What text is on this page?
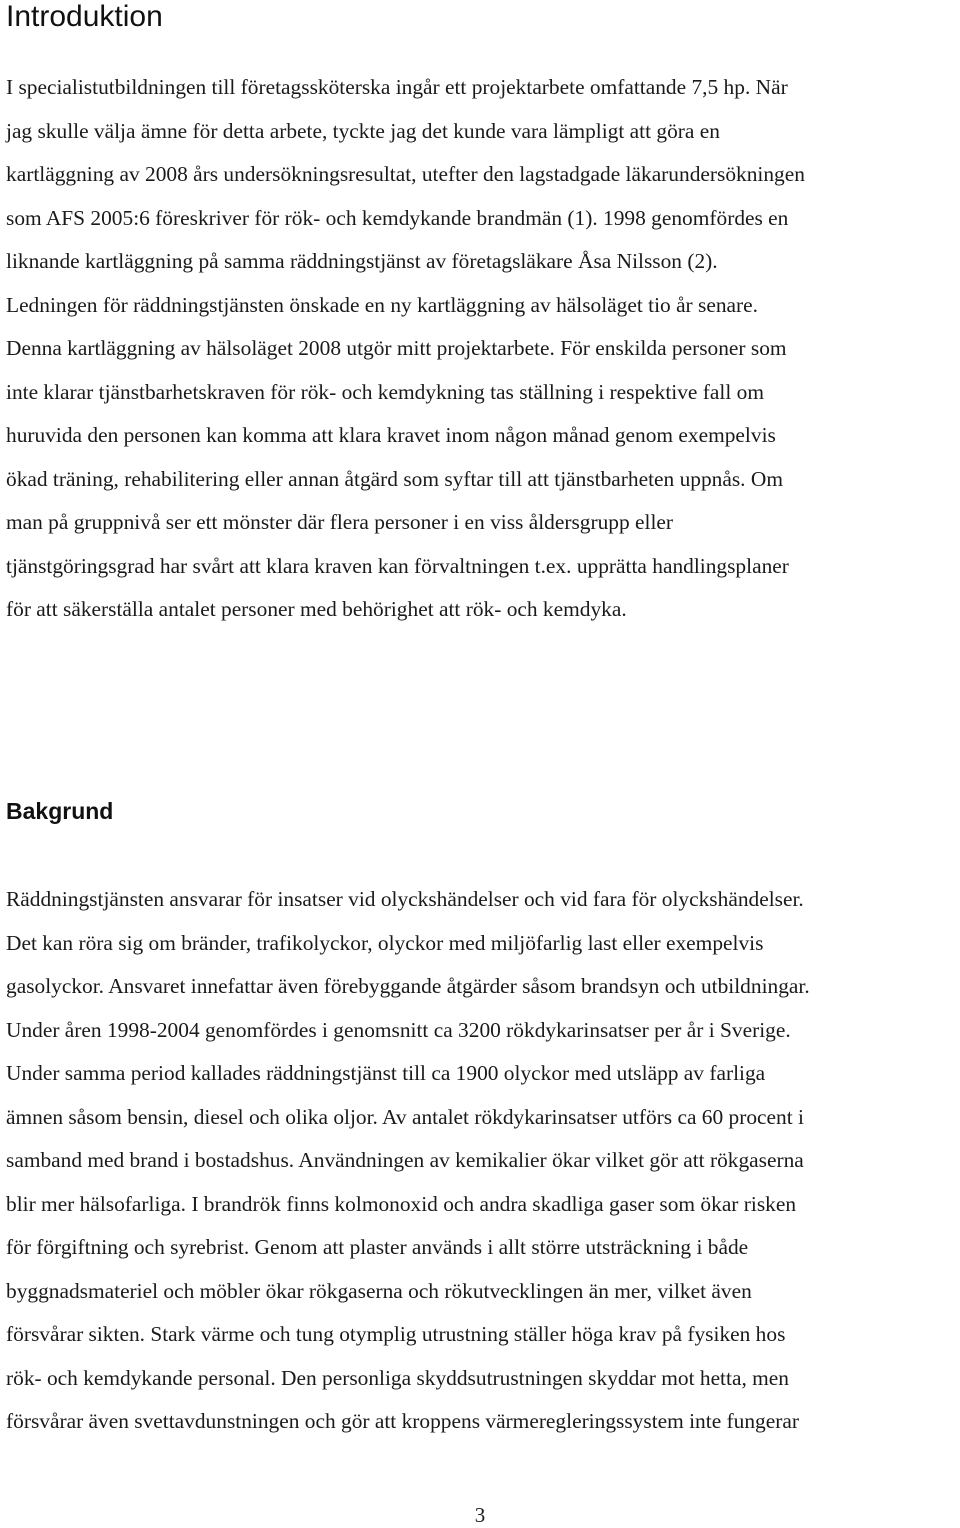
Introduktion
I specialistutbildningen till företagssköterska ingår ett projektarbete omfattande 7,5 hp. När
jag skulle välja ämne för detta arbete, tyckte jag det kunde vara lämpligt att göra en
kartläggning av 2008 års undersökningsresultat, utefter den lagstadgade läkarundersökningen
som AFS 2005:6 föreskriver för rök- och kemdykande brandmän (1). 1998 genomfördes en
liknande kartläggning på samma räddningstjänst av företagsläkare Åsa Nilsson (2).
Ledningen för räddningstjänsten önskade en ny kartläggning av hälsoläget tio år senare.
Denna kartläggning av hälsoläget 2008 utgör mitt projektarbete. För enskilda personer som
inte klarar tjänstbarhetskraven för rök- och kemdykning tas ställning i respektive fall om
huruvida den personen kan komma att klara kravet inom någon månad genom exempelvis
ökad träning, rehabilitering eller annan åtgärd som syftar till att tjänstbarheten uppnås. Om
man på gruppnivå ser ett mönster där flera personer i en viss åldersgrupp eller
tjänstgöringsgrad har svårt att klara kraven kan förvaltningen t.ex. upprätta handlingsplaner
för att säkerställa antalet personer med behörighet att rök- och kemdyka.
Bakgrund
Räddningstjänsten ansvarar för insatser vid olyckshändelser och vid fara för olyckshändelser.
Det kan röra sig om bränder, trafikolyckor, olyckor med miljöfarlig last eller exempelvis
gasolyckor. Ansvaret innefattar även förebyggande åtgärder såsom brandsyn och utbildningar.
Under åren 1998-2004 genomfördes i genomsnitt ca 3200 rökdykarinsatser per år i Sverige.
Under samma period kallades räddningstjänst till ca 1900 olyckor med utsläpp av farliga
ämnen såsom bensin, diesel och olika oljor. Av antalet rökdykarinsatser utförs ca 60 procent i
samband med brand i bostadshus. Användningen av kemikalier ökar vilket gör att rökgaserna
blir mer hälsofarliga. I brandrök finns kolmonoxid och andra skadliga gaser som ökar risken
för förgiftning och syrebrist. Genom att plaster används i allt större utsträckning i både
byggnadsmateriel och möbler ökar rökgaserna och rökutvecklingen än mer, vilket även
försvårar sikten. Stark värme och tung otymplig utrustning ställer höga krav på fysiken hos
rök- och kemdykande personal. Den personliga skyddsutrustningen skyddar mot hetta, men
försvårar även svettavdunstningen och gör att kroppens värmeregleringssystem inte fungerar
3
